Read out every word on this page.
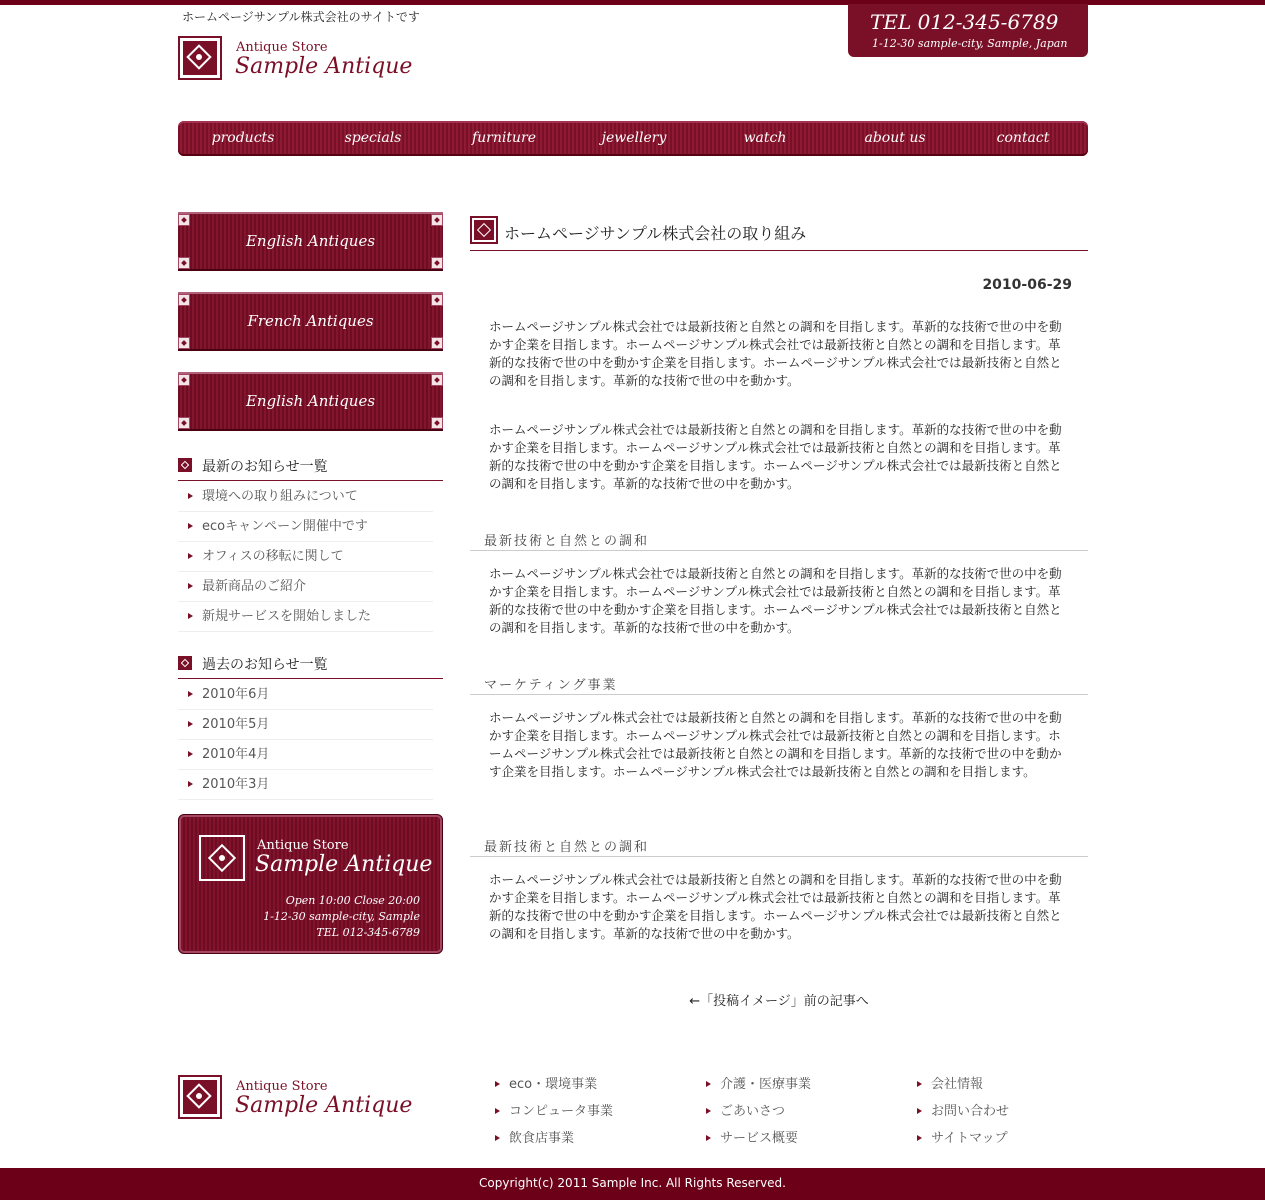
ホームページサンプル株式会社のサイトです
Antique Store
Sample Antique
TEL 012-345-6789
1-12-30 sample-city, Sample, Japan
products	specials	furniture	jewellery	watch	about us	contact
English Antiques
French Antiques
English Antiques
最新のお知らせ一覧
環境への取り組みについて
ecoキャンペーン開催中です
オフィスの移転に関して
最新商品のご紹介
新規サービスを開始しました
過去のお知らせ一覧
2010年6月
2010年5月
2010年4月
2010年3月
Antique Store
Sample Antique
Open 10:00 Close 20:00
1-12-30 sample-city, Sample
TEL 012-345-6789
ホームページサンプル株式会社の取り組み
2010-06-29
ホームページサンプル株式会社では最新技術と自然との調和を目指します。革新的な技術で世の中を動かす企業を目指します。ホームページサンプル株式会社では最新技術と自然との調和を目指します。革新的な技術で世の中を動かす企業を目指します。ホームページサンプル株式会社では最新技術と自然との調和を目指します。革新的な技術で世の中を動かす。
ホームページサンプル株式会社では最新技術と自然との調和を目指します。革新的な技術で世の中を動かす企業を目指します。ホームページサンプル株式会社では最新技術と自然との調和を目指します。革新的な技術で世の中を動かす企業を目指します。ホームページサンプル株式会社では最新技術と自然との調和を目指します。革新的な技術で世の中を動かす。
最新技術と自然との調和
ホームページサンプル株式会社では最新技術と自然との調和を目指します。革新的な技術で世の中を動かす企業を目指します。ホームページサンプル株式会社では最新技術と自然との調和を目指します。革新的な技術で世の中を動かす企業を目指します。ホームページサンプル株式会社では最新技術と自然との調和を目指します。革新的な技術で世の中を動かす。
マーケティング事業
ホームページサンプル株式会社では最新技術と自然との調和を目指します。革新的な技術で世の中を動かす企業を目指します。ホームページサンプル株式会社では最新技術と自然との調和を目指します。ホームページサンプル株式会社では最新技術と自然との調和を目指します。革新的な技術で世の中を動かす企業を目指します。ホームページサンプル株式会社では最新技術と自然との調和を目指します。
最新技術と自然との調和
ホームページサンプル株式会社では最新技術と自然との調和を目指します。革新的な技術で世の中を動かす企業を目指します。ホームページサンプル株式会社では最新技術と自然との調和を目指します。革新的な技術で世の中を動かす企業を目指します。ホームページサンプル株式会社では最新技術と自然との調和を目指します。革新的な技術で世の中を動かす。
←「投稿イメージ」前の記事へ
Antique Store
Sample Antique
eco・環境事業
コンピュータ事業
飲食店事業
介護・医療事業
ごあいさつ
サービス概要
会社情報
お問い合わせ
サイトマップ
Copyright(c) 2011 Sample Inc. All Rights Reserved.
